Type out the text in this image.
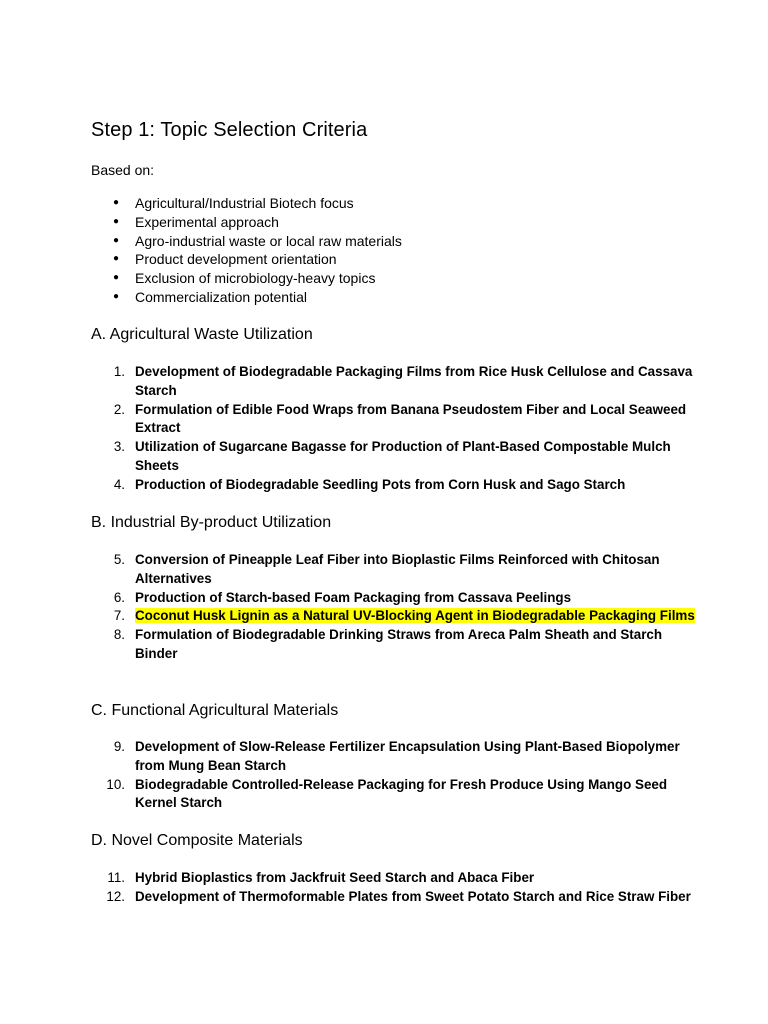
Step 1: Topic Selection Criteria

Based on:

● Agricultural/Industrial Biotech focus
● Experimental approach
● Agro-industrial waste or local raw materials
● Product development orientation
● Exclusion of microbiology-heavy topics
● Commercialization potential
A. Agricultural Waste Utilization
1. Development of Biodegradable Packaging Films from Rice Husk Cellulose and Cassava Starch
2. Formulation of Edible Food Wraps from Banana Pseudostem Fiber and Local Seaweed Extract
3. Utilization of Sugarcane Bagasse for Production of Plant-Based Compostable Mulch Sheets
4. Production of Biodegradable Seedling Pots from Corn Husk and Sago Starch
B. Industrial By-product Utilization
5. Conversion of Pineapple Leaf Fiber into Bioplastic Films Reinforced with Chitosan Alternatives
6. Production of Starch-based Foam Packaging from Cassava Peelings
7. Coconut Husk Lignin as a Natural UV-Blocking Agent in Biodegradable Packaging Films
8. Formulation of Biodegradable Drinking Straws from Areca Palm Sheath and Starch Binder
C. Functional Agricultural Materials
9. Development of Slow-Release Fertilizer Encapsulation Using Plant-Based Biopolymer from Mung Bean Starch
10. Biodegradable Controlled-Release Packaging for Fresh Produce Using Mango Seed Kernel Starch
D. Novel Composite Materials
11. Hybrid Bioplastics from Jackfruit Seed Starch and Abaca Fiber
12. Development of Thermoformable Plates from Sweet Potato Starch and Rice Straw Fiber
